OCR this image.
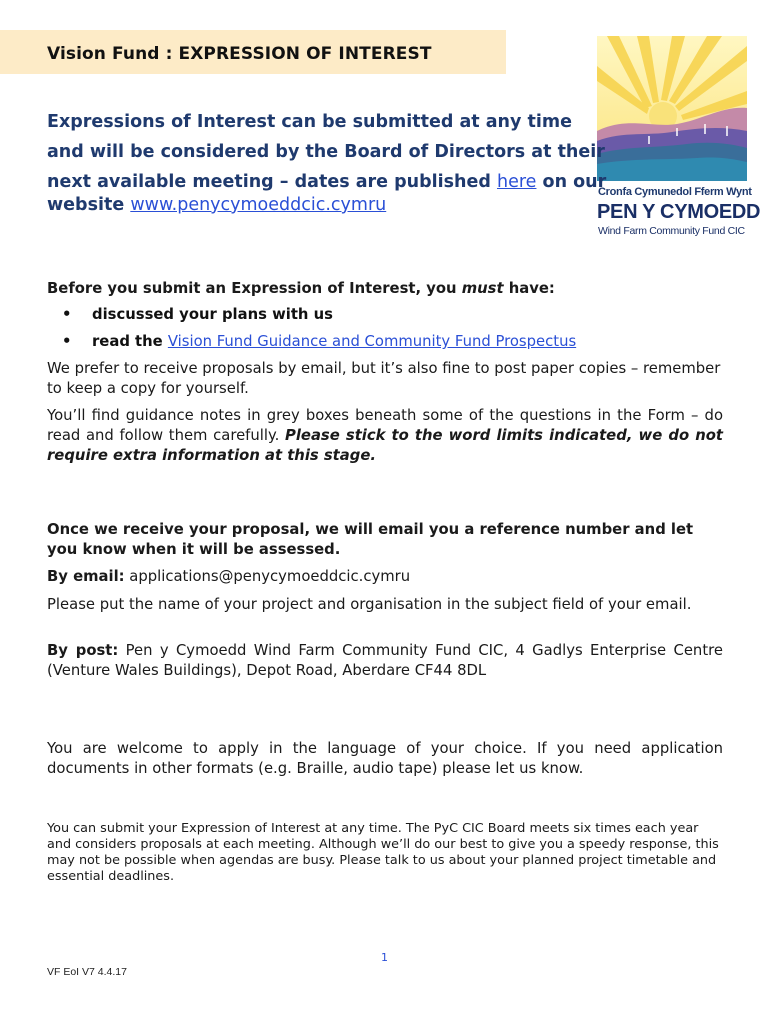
Vision Fund : EXPRESSION OF INTEREST
Cronfa Cymunedol Fferm Wynt
PEN Y CYMOEDD
Wind Farm Community Fund CIC
Expressions of Interest can be submitted at any time
and will be considered by the Board of Directors at their
next available meeting – dates are published here on our
website www.penycymoeddcic.cymru
Before you submit an Expression of Interest, you must have:
• discussed your plans with us
• read the Vision Fund Guidance and Community Fund Prospectus
We prefer to receive proposals by email, but it’s also fine to post paper copies – remember to keep a copy for yourself.
You’ll find guidance notes in grey boxes beneath some of the questions in the Form – do read and follow them carefully. Please stick to the word limits indicated, we do not require extra information at this stage.
Once we receive your proposal, we will email you a reference number and let you know when it will be assessed.
By email: applications@penycymoeddcic.cymru
Please put the name of your project and organisation in the subject field of your email.
By post: Pen y Cymoedd Wind Farm Community Fund CIC, 4 Gadlys Enterprise Centre (Venture Wales Buildings), Depot Road, Aberdare CF44 8DL
You are welcome to apply in the language of your choice. If you need application documents in other formats (e.g. Braille, audio tape) please let us know.
You can submit your Expression of Interest at any time. The PyC CIC Board meets six times each year and considers proposals at each meeting. Although we’ll do our best to give you a speedy response, this may not be possible when agendas are busy. Please talk to us about your planned project timetable and essential deadlines.
1
VF EoI V7 4.4.17
